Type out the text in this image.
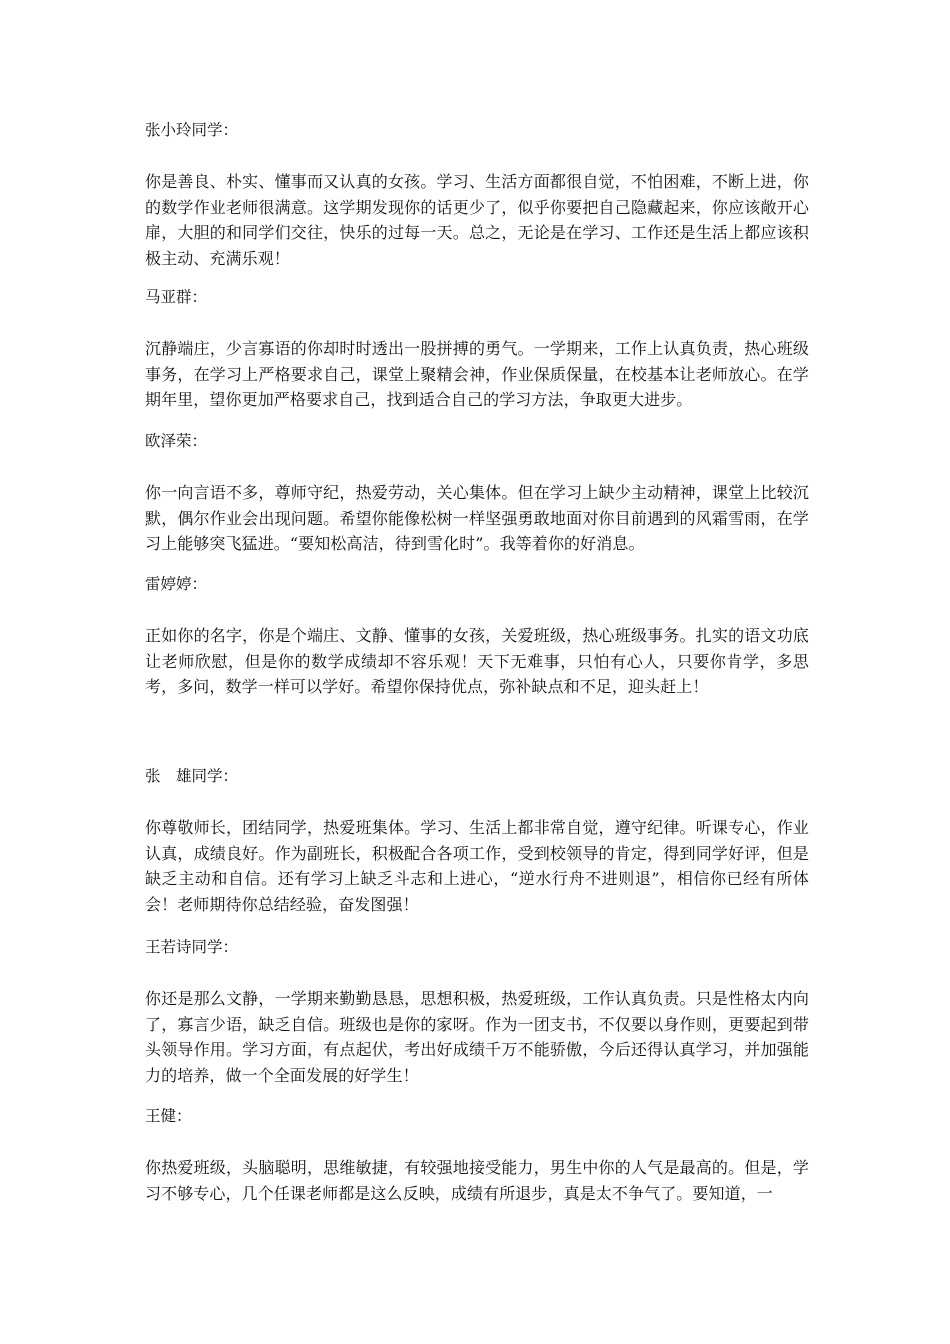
张小玲同学：

你是善良、朴实、懂事而又认真的女孩。学习、生活方面都很自觉，不怕困难，不断上进，你的数学作业老师很满意。这学期发现你的话更少了，似乎你要把自己隐藏起来，你应该敞开心扉，大胆的和同学们交往，快乐的过每一天。总之，无论是在学习、工作还是生活上都应该积极主动、充满乐观！

马亚群：

沉静端庄，少言寡语的你却时时透出一股拼搏的勇气。一学期来，工作上认真负责，热心班级事务，在学习上严格要求自己，课堂上聚精会神，作业保质保量，在校基本让老师放心。在学期年里，望你更加严格要求自己，找到适合自己的学习方法，争取更大进步。

欧泽荣：

你一向言语不多，尊师守纪，热爱劳动，关心集体。但在学习上缺少主动精神，课堂上比较沉默，偶尔作业会出现问题。希望你能像松树一样坚强勇敢地面对你目前遇到的风霜雪雨，在学习上能够突飞猛进。“要知松高洁，待到雪化时”。我等着你的好消息。

雷婷婷：

正如你的名字，你是个端庄、文静、懂事的女孩，关爱班级，热心班级事务。扎实的语文功底让老师欣慰，但是你的数学成绩却不容乐观！天下无难事，只怕有心人，只要你肯学，多思考，多问，数学一样可以学好。希望你保持优点，弥补缺点和不足，迎头赶上！

张　雄同学：

你尊敬师长，团结同学，热爱班集体。学习、生活上都非常自觉，遵守纪律。听课专心，作业认真，成绩良好。作为副班长，积极配合各项工作，受到校领导的肯定，得到同学好评，但是缺乏主动和自信。还有学习上缺乏斗志和上进心，“逆水行舟不进则退”，相信你已经有所体会！老师期待你总结经验，奋发图强！

王若诗同学：

你还是那么文静，一学期来勤勤恳恳，思想积极，热爱班级，工作认真负责。只是性格太内向了，寡言少语，缺乏自信。班级也是你的家呀。作为一团支书，不仅要以身作则，更要起到带头领导作用。学习方面，有点起伏，考出好成绩千万不能骄傲，今后还得认真学习，并加强能力的培养，做一个全面发展的好学生！

王健：

你热爱班级，头脑聪明，思维敏捷，有较强地接受能力，男生中你的人气是最高的。但是，学习不够专心，几个任课老师都是这么反映，成绩有所退步，真是太不争气了。要知道，一
